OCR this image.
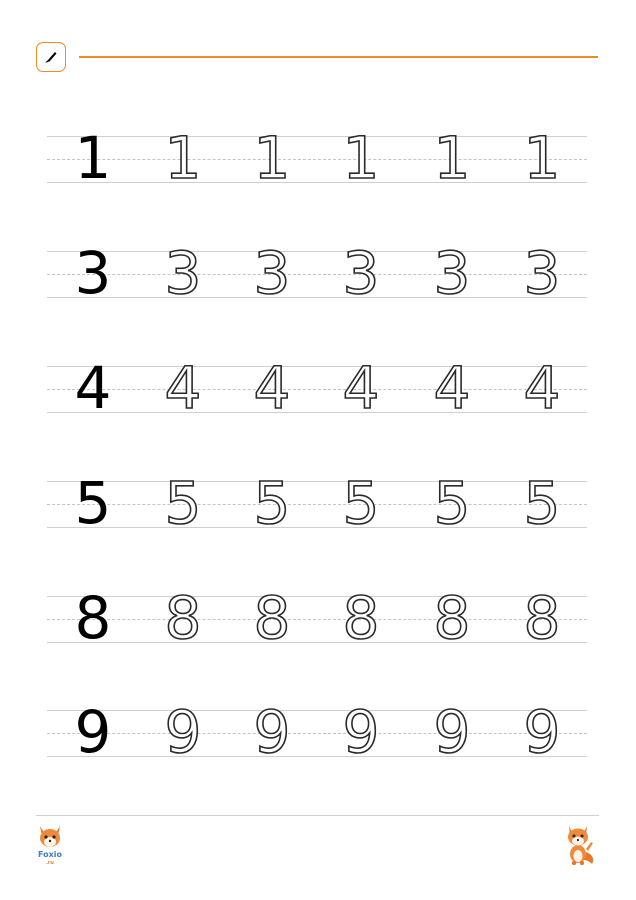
1 1 1 1 1 1
3 3 3 3 3 3
4 4 4 4 4 4
5 5 5 5 5 5
8 8 8 8 8 8
9 9 9 9 9 9
Foxio
.ru
